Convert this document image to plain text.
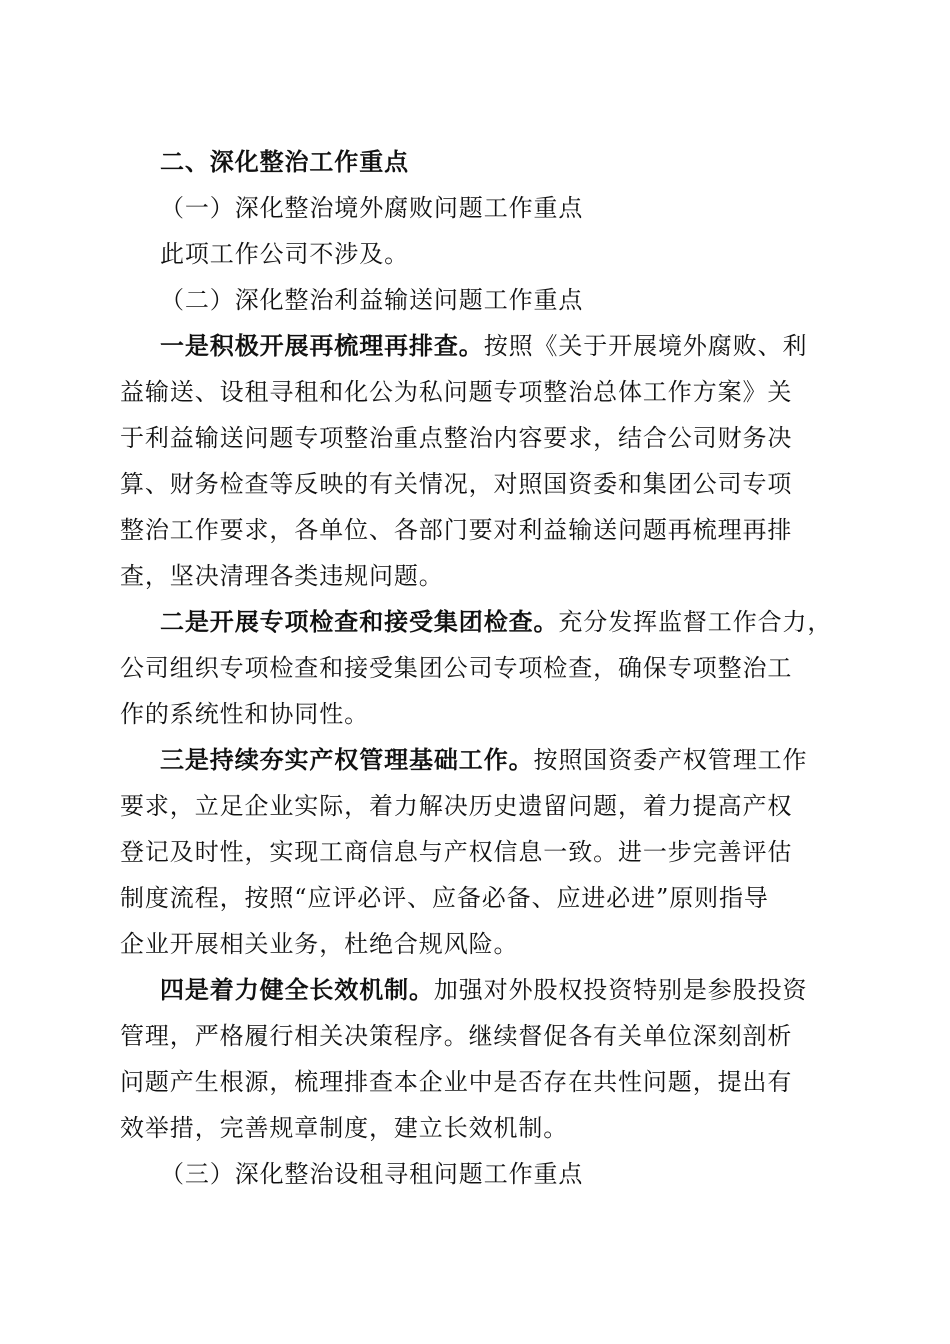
二、深化整治工作重点
（一）深化整治境外腐败问题工作重点
此项工作公司不涉及。
（二）深化整治利益输送问题工作重点
一是积极开展再梳理再排查。按照《关于开展境外腐败、利
益输送、设租寻租和化公为私问题专项整治总体工作方案》关
于利益输送问题专项整治重点整治内容要求，结合公司财务决
算、财务检查等反映的有关情况，对照国资委和集团公司专项
整治工作要求，各单位、各部门要对利益输送问题再梳理再排
查，坚决清理各类违规问题。
二是开展专项检查和接受集团检查。充分发挥监督工作合力，
公司组织专项检查和接受集团公司专项检查，确保专项整治工
作的系统性和协同性。
三是持续夯实产权管理基础工作。按照国资委产权管理工作
要求，立足企业实际，着力解决历史遗留问题，着力提高产权
登记及时性，实现工商信息与产权信息一致。进一步完善评估
制度流程，按照“应评必评、应备必备、应进必进”原则指导
企业开展相关业务，杜绝合规风险。
四是着力健全长效机制。加强对外股权投资特别是参股投资
管理，严格履行相关决策程序。继续督促各有关单位深刻剖析
问题产生根源，梳理排查本企业中是否存在共性问题，提出有
效举措，完善规章制度，建立长效机制。
（三）深化整治设租寻租问题工作重点
